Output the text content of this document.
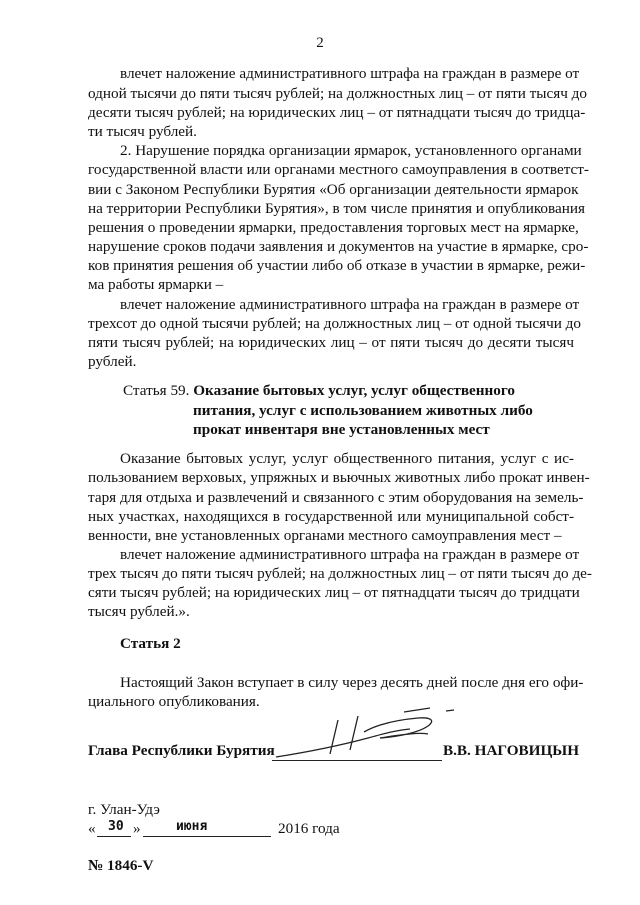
2
влечет наложение административного штрафа на граждан в размере от
одной тысячи до пяти тысяч рублей; на должностных лиц – от пяти тысяч до
десяти тысяч рублей; на юридических лиц – от пятнадцати тысяч до тридца-
ти тысяч рублей.
2. Нарушение порядка организации ярмарок, установленного органами
государственной власти или органами местного самоуправления в соответст-
вии с Законом Республики Бурятия «Об организации деятельности ярмарок
на территории Республики Бурятия», в том числе принятия и опубликования
решения о проведении ярмарки, предоставления торговых мест на ярмарке,
нарушение сроков подачи заявления и документов на участие в ярмарке, сро-
ков принятия решения об участии либо об отказе в участии в ярмарке, режи-
ма работы ярмарки –
влечет наложение административного штрафа на граждан в размере от
трехсот до одной тысячи рублей; на должностных лиц – от одной тысячи до
пяти тысяч рублей; на юридических лиц – от пяти тысяч до десяти тысяч
рублей.
Статья 59. Оказание бытовых услуг, услуг общественного
питания, услуг с использованием животных либо
прокат инвентаря вне установленных мест
Оказание бытовых услуг, услуг общественного питания, услуг с ис-
пользованием верховых, упряжных и вьючных животных либо прокат инвен-
таря для отдыха и развлечений и связанного с этим оборудования на земель-
ных участках, находящихся в государственной или муниципальной собст-
венности, вне установленных органами местного самоуправления мест –
влечет наложение административного штрафа на граждан в размере от
трех тысяч до пяти тысяч рублей; на должностных лиц – от пяти тысяч до де-
сяти тысяч рублей; на юридических лиц – от пятнадцати тысяч до тридцати
тысяч рублей.».
Статья 2
Настоящий Закон вступает в силу через десять дней после дня его офи-
циального опубликования.
Глава Республики Бурятия	В.В. НАГОВИЦЫН
г. Улан-Удэ
« 30 »	июня	2016 года
№ 1846-V
